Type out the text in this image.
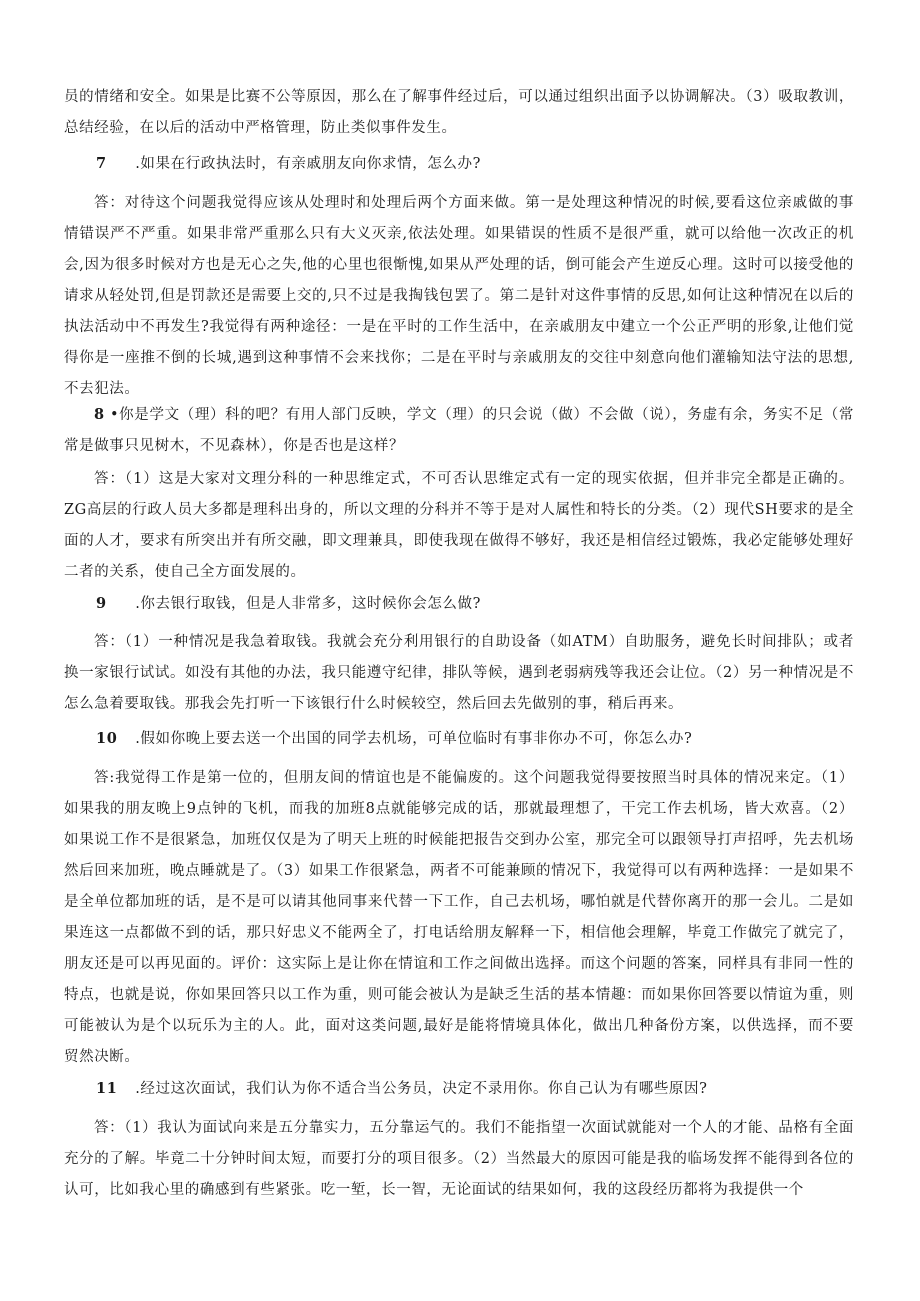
员的情绪和安全。如果是比赛不公等原因，那么在了解事件经过后，可以通过组织出面予以协调解决。（3）吸取教训，总结经验，在以后的活动中严格管理，防止类似事件发生。

7 .如果在行政执法时，有亲戚朋友向你求情，怎么办?

答：对待这个问题我觉得应该从处理时和处理后两个方面来做。第一是处理这种情况的时候,要看这位亲戚做的事情错误严不严重。如果非常严重那么只有大义灭亲,依法处理。如果错误的性质不是很严重，就可以给他一次改正的机会,因为很多时候对方也是无心之失,他的心里也很惭愧,如果从严处理的话，倒可能会产生逆反心理。这时可以接受他的请求从轻处罚,但是罚款还是需要上交的,只不过是我掏钱包罢了。第二是针对这件事情的反思,如何让这种情况在以后的执法活动中不再发生?我觉得有两种途径：一是在平时的工作生活中，在亲戚朋友中建立一个公正严明的形象,让他们觉得你是一座推不倒的长城,遇到这种事情不会来找你；二是在平时与亲戚朋友的交往中刻意向他们灌输知法守法的思想,不去犯法。

8 •你是学文（理）科的吧？有用人部门反映，学文（理）的只会说（做）不会做（说），务虚有余，务实不足（常常是做事只见树木，不见森林），你是否也是这样？

答：（1）这是大家对文理分科的一种思维定式，不可否认思维定式有一定的现实依据，但并非完全都是正确的。ZG高层的行政人员大多都是理科出身的，所以文理的分科并不等于是对人属性和特长的分类。（2）现代SH要求的是全面的人才，要求有所突出并有所交融，即文理兼具，即使我现在做得不够好，我还是相信经过锻炼，我必定能够处理好二者的关系，使自己全方面发展的。

9 .你去银行取钱，但是人非常多，这时候你会怎么做?

答：（1）一种情况是我急着取钱。我就会充分利用银行的自助设备（如ATM）自助服务，避免长时间排队；或者换一家银行试试。如没有其他的办法，我只能遵守纪律，排队等候，遇到老弱病残等我还会让位。（2）另一种情况是不怎么急着要取钱。那我会先打听一下该银行什么时候较空，然后回去先做别的事，稍后再来。

10 .假如你晚上要去送一个出国的同学去机场，可单位临时有事非你办不可，你怎么办?

答:我觉得工作是第一位的，但朋友间的情谊也是不能偏废的。这个问题我觉得要按照当时具体的情况来定。（1）如果我的朋友晚上9点钟的飞机，而我的加班8点就能够完成的话，那就最理想了，干完工作去机场，皆大欢喜。（2）如果说工作不是很紧急，加班仅仅是为了明天上班的时候能把报告交到办公室，那完全可以跟领导打声招呼，先去机场然后回来加班，晚点睡就是了。（3）如果工作很紧急，两者不可能兼顾的情况下，我觉得可以有两种选择：一是如果不是全单位都加班的话，是不是可以请其他同事来代替一下工作，自己去机场，哪怕就是代替你离开的那一会儿。二是如果连这一点都做不到的话，那只好忠义不能两全了，打电话给朋友解释一下，相信他会理解，毕竟工作做完了就完了，朋友还是可以再见面的。评价：这实际上是让你在情谊和工作之间做出选择。而这个问题的答案，同样具有非同一性的特点，也就是说，你如果回答只以工作为重，则可能会被认为是缺乏生活的基本情趣：而如果你回答要以情谊为重，则可能被认为是个以玩乐为主的人。此，面对这类问题,最好是能将情境具体化，做出几种备份方案，以供选择，而不要贸然决断。

11 .经过这次面试，我们认为你不适合当公务员，决定不录用你。你自己认为有哪些原因?

答：（1）我认为面试向来是五分靠实力，五分靠运气的。我们不能指望一次面试就能对一个人的才能、品格有全面充分的了解。毕竟二十分钟时间太短，而要打分的项目很多。（2）当然最大的原因可能是我的临场发挥不能得到各位的认可，比如我心里的确感到有些紧张。吃一堑，长一智，无论面试的结果如何，我的这段经历都将为我提供一个
